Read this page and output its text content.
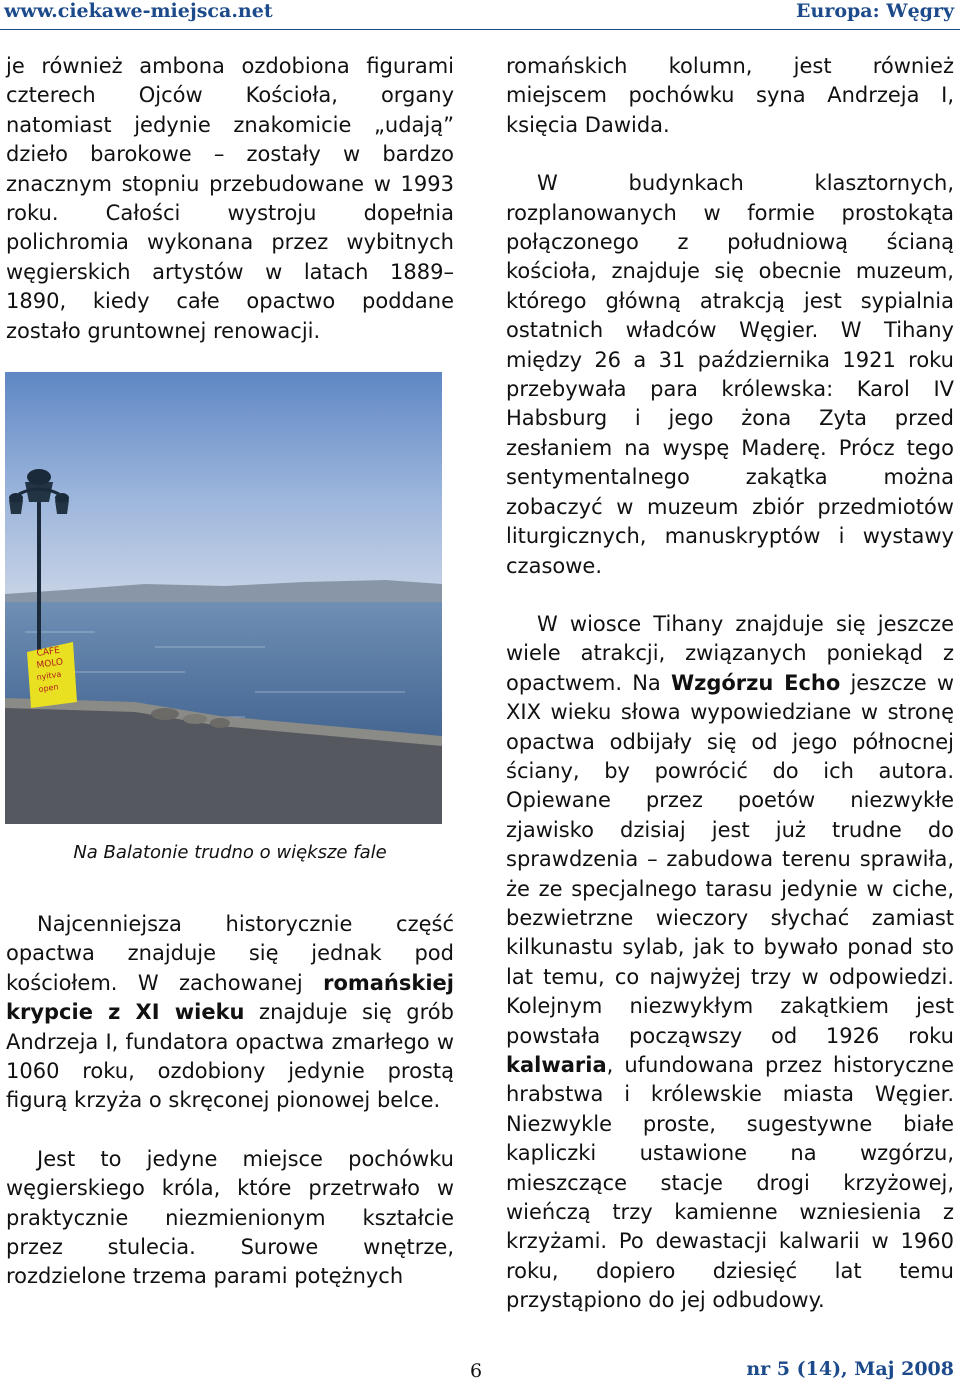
www.ciekawe-miejsca.net	Europa: Węgry

je również ambona ozdobiona figurami czterech Ojców Kościoła, organy natomiast jedynie znakomicie „udają” dzieło barokowe – zostały w bardzo znacznym stopniu przebudowane w 1993 roku. Całości wystroju dopełnia polichromia wykonana przez wybitnych węgierskich artystów w latach 1889–1890, kiedy całe opactwo poddane zostało gruntownej renowacji.

CAFE
MOLO
nyitva
open
Na Balatonie trudno o większe fale

Najcenniejsza historycznie część opactwa znajduje się jednak pod kościołem. W zachowanej romańskiej krypcie z XI wieku znajduje się grób Andrzeja I, fundatora opactwa zmarłego w 1060 roku, ozdobiony jedynie prostą figurą krzyża o skręconej pionowej belce.

Jest to jedyne miejsce pochówku węgierskiego króla, które przetrwało w praktycznie niezmienionym kształcie przez stulecia. Surowe wnętrze, rozdzielone trzema parami potężnych

romańskich kolumn, jest również miejscem pochówku syna Andrzeja I, księcia Dawida.

W budynkach klasztornych, rozplanowanych w formie prostokąta połączonego z południową ścianą kościoła, znajduje się obecnie muzeum, którego główną atrakcją jest sypialnia ostatnich władców Węgier. W Tihany między 26 a 31 października 1921 roku przebywała para królewska: Karol IV Habsburg i jego żona Zyta przed zesłaniem na wyspę Maderę. Prócz tego sentymentalnego zakątka można zobaczyć w muzeum zbiór przedmiotów liturgicznych, manuskryptów i wystawy czasowe.

W wiosce Tihany znajduje się jeszcze wiele atrakcji, związanych poniekąd z opactwem. Na Wzgórzu Echo jeszcze w XIX wieku słowa wypowiedziane w stronę opactwa odbijały się od jego północnej ściany, by powrócić do ich autora. Opiewane przez poetów niezwykłe zjawisko dzisiaj jest już trudne do sprawdzenia – zabudowa terenu sprawiła, że ze specjalnego tarasu jedynie w ciche, bezwietrzne wieczory słychać zamiast kilkunastu sylab, jak to bywało ponad sto lat temu, co najwyżej trzy w odpowiedzi. Kolejnym niezwykłym zakątkiem jest powstała począwszy od 1926 roku kalwaria, ufundowana przez historyczne hrabstwa i królewskie miasta Węgier. Niezwykle proste, sugestywne białe kapliczki ustawione na wzgórzu, mieszczące stacje drogi krzyżowej, wieńczą trzy kamienne wzniesienia z krzyżami. Po dewastacji kalwarii w 1960 roku, dopiero dziesięć lat temu przystąpiono do jej odbudowy.

6	nr 5 (14), Maj 2008
